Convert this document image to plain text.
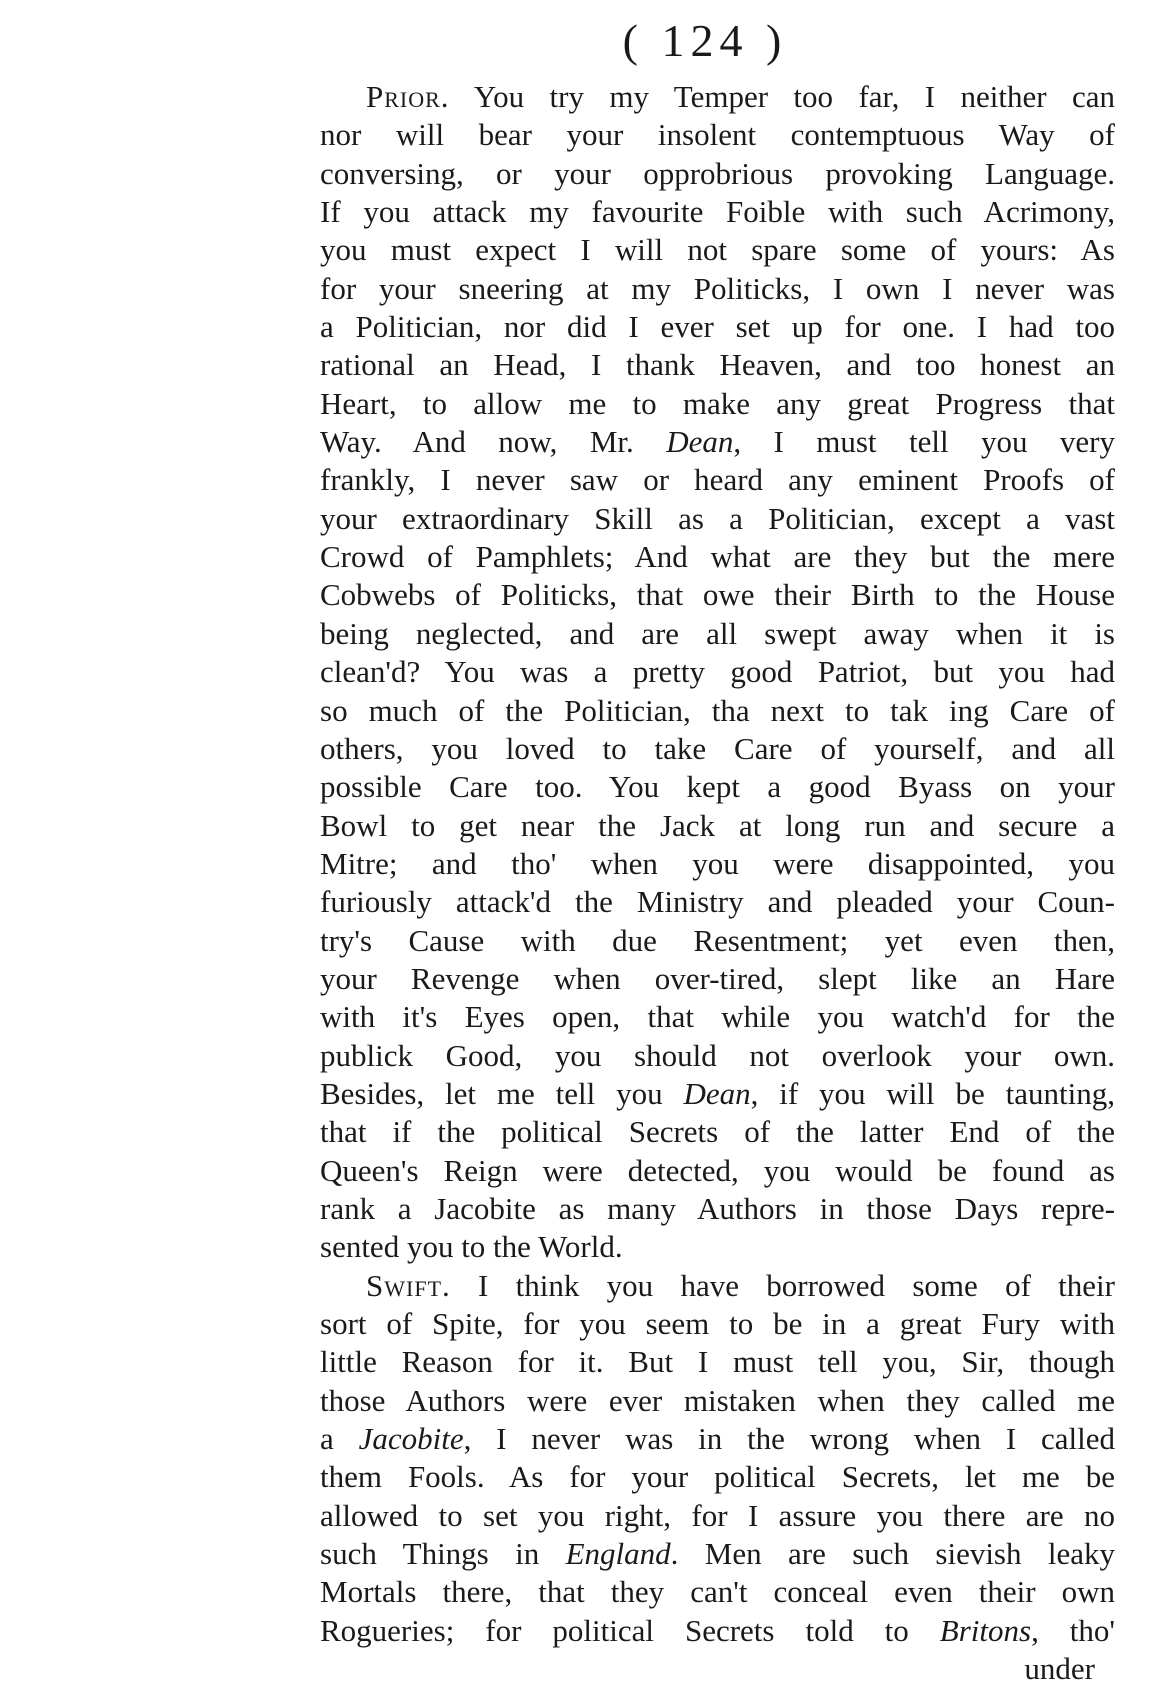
( 124 )
Prior. You try my Temper too far, I neither can
nor will bear your insolent contemptuous Way of
conversing, or your opprobrious provoking Language.
If you attack my favourite Foible with such Acrimony,
you must expect I will not spare some of yours: As
for your sneering at my Politicks, I own I never was
a Politician, nor did I ever set up for one. I had too
rational an Head, I thank Heaven, and too honest an
Heart, to allow me to make any great Progress that
Way. And now, Mr. Dean, I must tell you very
frankly, I never saw or heard any eminent Proofs of
your extraordinary Skill as a Politician, except a vast
Crowd of Pamphlets; And what are they but the mere
Cobwebs of Politicks, that owe their Birth to the House
being neglected, and are all swept away when it is
clean'd? You was a pretty good Patriot, but you had
so much of the Politician, tha next to tak ing Care of
others, you loved to take Care of yourself, and all
possible Care too. You kept a good Byass on your
Bowl to get near the Jack at long run and secure a
Mitre; and tho' when you were disappointed, you
furiously attack'd the Ministry and pleaded your Coun-
try's Cause with due Resentment; yet even then,
your Revenge when over-tired, slept like an Hare
with it's Eyes open, that while you watch'd for the
publick Good, you should not overlook your own.
Besides, let me tell you Dean, if you will be taunting,
that if the political Secrets of the latter End of the
Queen's Reign were detected, you would be found as
rank a Jacobite as many Authors in those Days repre-
sented you to the World.
Swift. I think you have borrowed some of their
sort of Spite, for you seem to be in a great Fury with
little Reason for it. But I must tell you, Sir, though
those Authors were ever mistaken when they called me
a Jacobite, I never was in the wrong when I called
them Fools. As for your political Secrets, let me be
allowed to set you right, for I assure you there are no
such Things in England. Men are such sievish leaky
Mortals there, that they can't conceal even their own
Rogueries; for political Secrets told to Britons, tho'
under
